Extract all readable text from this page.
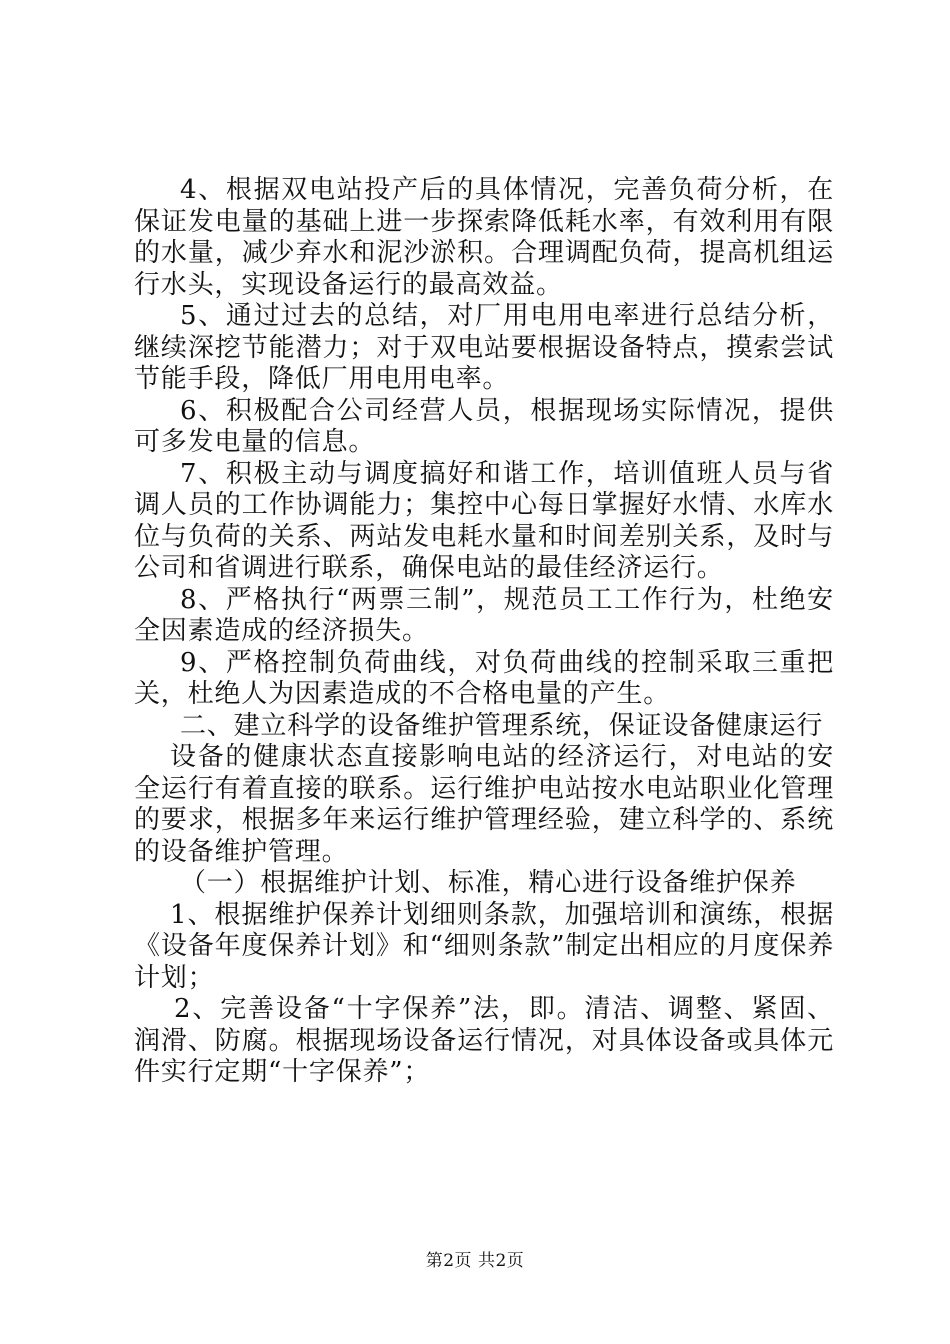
4、根据双电站投产后的具体情况，完善负荷分析，在保证发电量的基础上进一步探索降低耗水率，有效利用有限的水量，减少弃水和泥沙淤积。合理调配负荷，提高机组运行水头，实现设备运行的最高效益。

5、通过过去的总结，对厂用电用电率进行总结分析，继续深挖节能潜力；对于双电站要根据设备特点，摸索尝试节能手段，降低厂用电用电率。

6、积极配合公司经营人员，根据现场实际情况，提供可多发电量的信息。

7、积极主动与调度搞好和谐工作，培训值班人员与省调人员的工作协调能力；集控中心每日掌握好水情、水库水位与负荷的关系、两站发电耗水量和时间差别关系，及时与公司和省调进行联系，确保电站的最佳经济运行。

8、严格执行“两票三制”，规范员工工作行为，杜绝安全因素造成的经济损失。

9、严格控制负荷曲线，对负荷曲线的控制采取三重把关，杜绝人为因素造成的不合格电量的产生。

二、建立科学的设备维护管理系统，保证设备健康运行

设备的健康状态直接影响电站的经济运行，对电站的安全运行有着直接的联系。运行维护电站按水电站职业化管理的要求，根据多年来运行维护管理经验，建立科学的、系统的设备维护管理。

（一）根据维护计划、标准，精心进行设备维护保养

1、根据维护保养计划细则条款，加强培训和演练，根据《设备年度保养计划》和“细则条款”制定出相应的月度保养计划；

2、完善设备“十字保养”法，即。清洁、调整、紧固、润滑、防腐。根据现场设备运行情况，对具体设备或具体元件实行定期“十字保养”；

第2页 共2页
